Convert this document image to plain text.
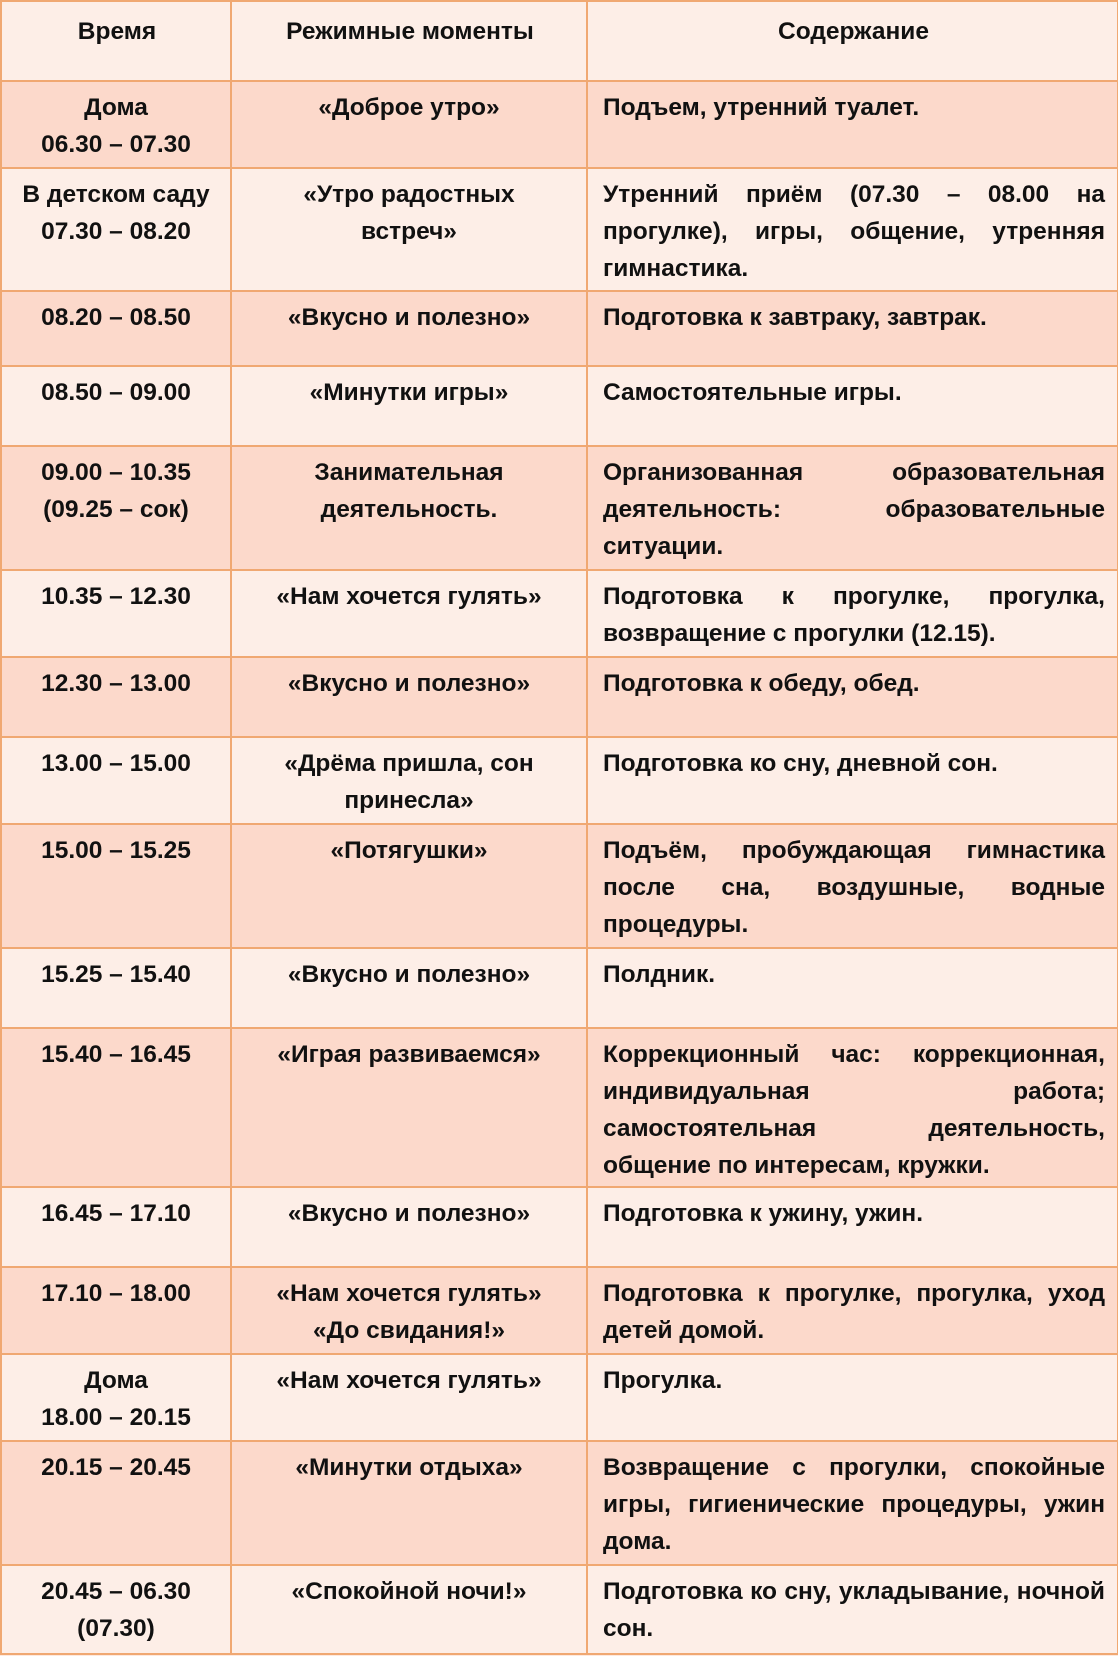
Время	Режимные моменты	Содержание

Дома
06.30 – 07.30	«Доброе утро»	Подъем, утренний туалет.

В детском саду
07.30 – 08.20	«Утро радостных
встреч»	Утренний приём (07.30 – 08.00 на прогулке), игры, общение, утренняя гимнастика.

08.20 – 08.50	«Вкусно и полезно»	Подготовка к завтраку, завтрак.

08.50 – 09.00	«Минутки игры»	Самостоятельные игры.

09.00 – 10.35
(09.25 – сок)	Занимательная
деятельность.	Организованная образовательная деятельность: образовательные ситуации.

10.35 – 12.30	«Нам хочется гулять»	Подготовка к прогулке, прогулка, возвращение с прогулки (12.15).

12.30 – 13.00	«Вкусно и полезно»	Подготовка к обеду, обед.

13.00 – 15.00	«Дрёма пришла, сон
принесла»	Подготовка ко сну, дневной сон.

15.00 – 15.25	«Потягушки»	Подъём, пробуждающая гимнастика после сна, воздушные, водные процедуры.

15.25 – 15.40	«Вкусно и полезно»	Полдник.

15.40 – 16.45	«Играя развиваемся»	Коррекционный час: коррекционная, индивидуальная работа; самостоятельная деятельность, общение по интересам, кружки.

16.45 – 17.10	«Вкусно и полезно»	Подготовка к ужину, ужин.

17.10 – 18.00	«Нам хочется гулять»
«До свидания!»	Подготовка к прогулке, прогулка, уход детей домой.

Дома
18.00 – 20.15	«Нам хочется гулять»	Прогулка.

20.15 – 20.45	«Минутки отдыха»	Возвращение с прогулки, спокойные игры, гигиенические процедуры, ужин дома.

20.45 – 06.30
(07.30)	«Спокойной ночи!»	Подготовка ко сну, укладывание, ночной сон.
